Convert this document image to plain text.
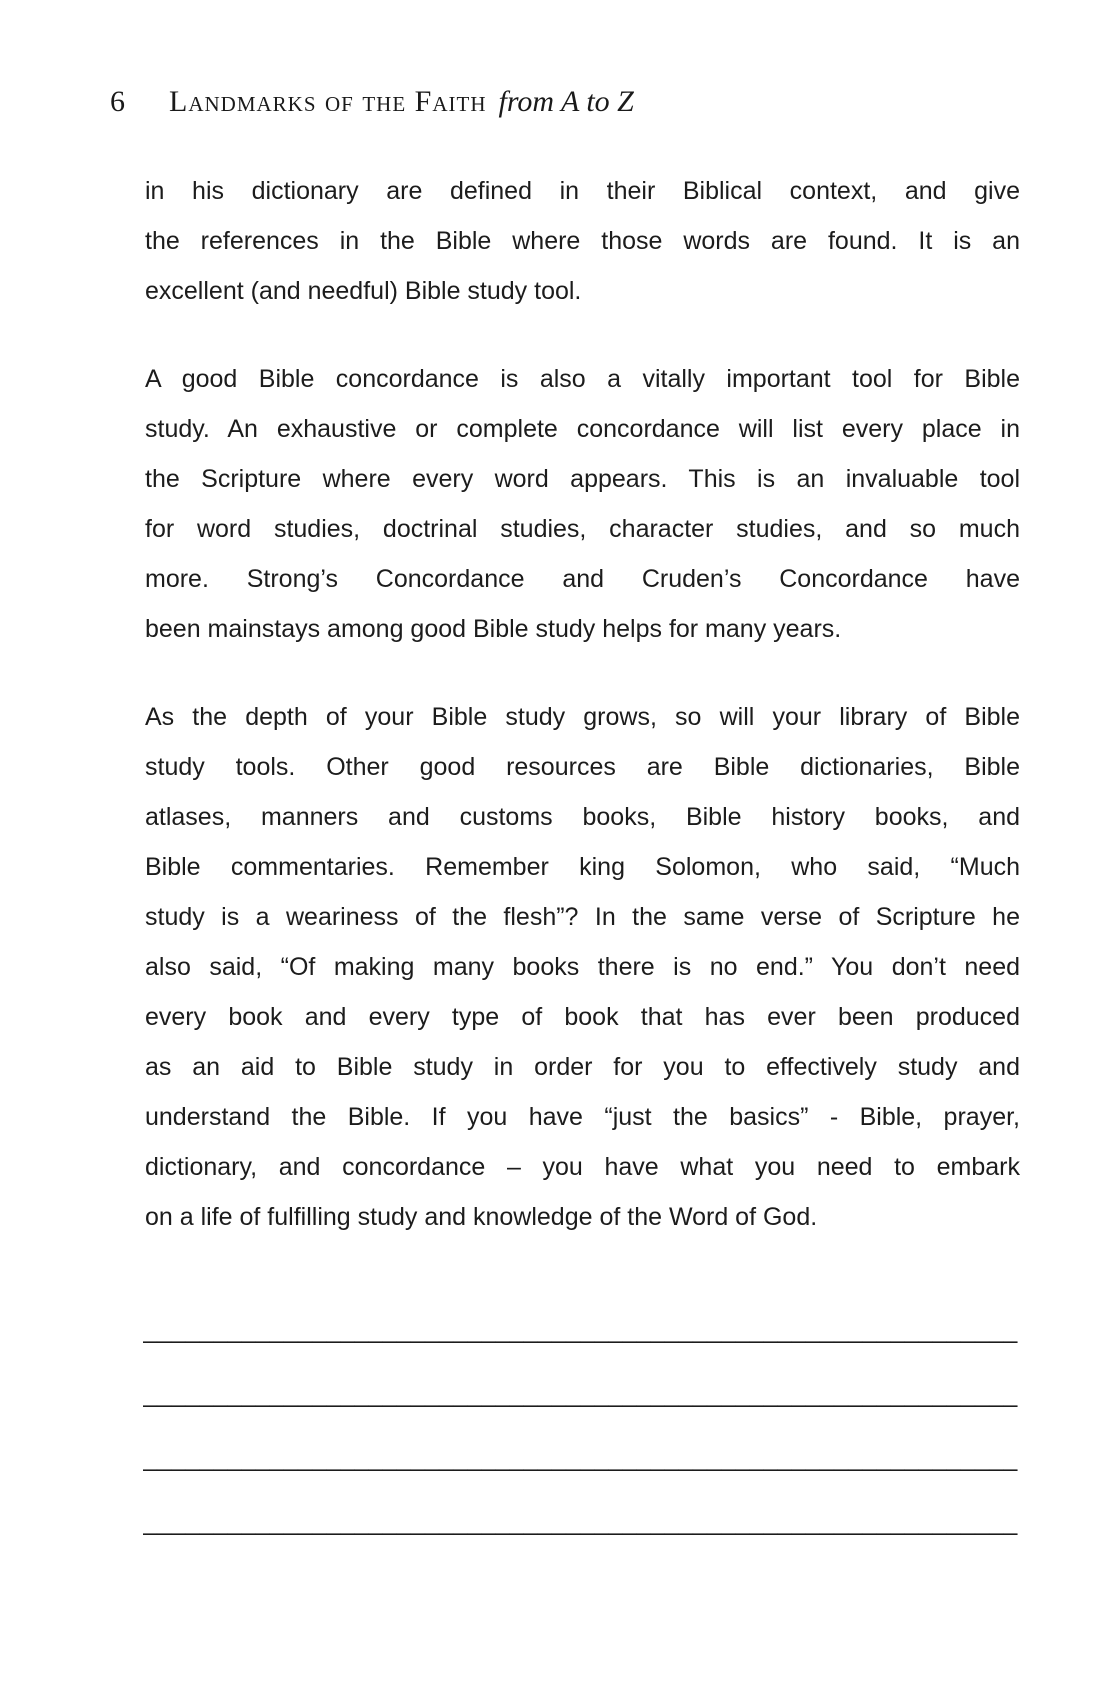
6 Landmarks of the Faith from A to Z

in his dictionary are defined in their Biblical context, and give
the references in the Bible where those words are found. It is an
excellent (and needful) Bible study tool.

A good Bible concordance is also a vitally important tool for Bible
study. An exhaustive or complete concordance will list every place in
the Scripture where every word appears. This is an invaluable tool
for word studies, doctrinal studies, character studies, and so much
more. Strong’s Concordance and Cruden’s Concordance have
been mainstays among good Bible study helps for many years.

As the depth of your Bible study grows, so will your library of Bible
study tools. Other good resources are Bible dictionaries, Bible
atlases, manners and customs books, Bible history books, and
Bible commentaries. Remember king Solomon, who said, “Much
study is a weariness of the flesh”? In the same verse of Scripture he
also said, “Of making many books there is no end.” You don’t need
every book and every type of book that has ever been produced
as an aid to Bible study in order for you to effectively study and
understand the Bible. If you have “just the basics” - Bible, prayer,
dictionary, and concordance – you have what you need to embark
on a life of fulfilling study and knowledge of the Word of God.

______________________________________________________________
______________________________________________________________
______________________________________________________________
______________________________________________________________
